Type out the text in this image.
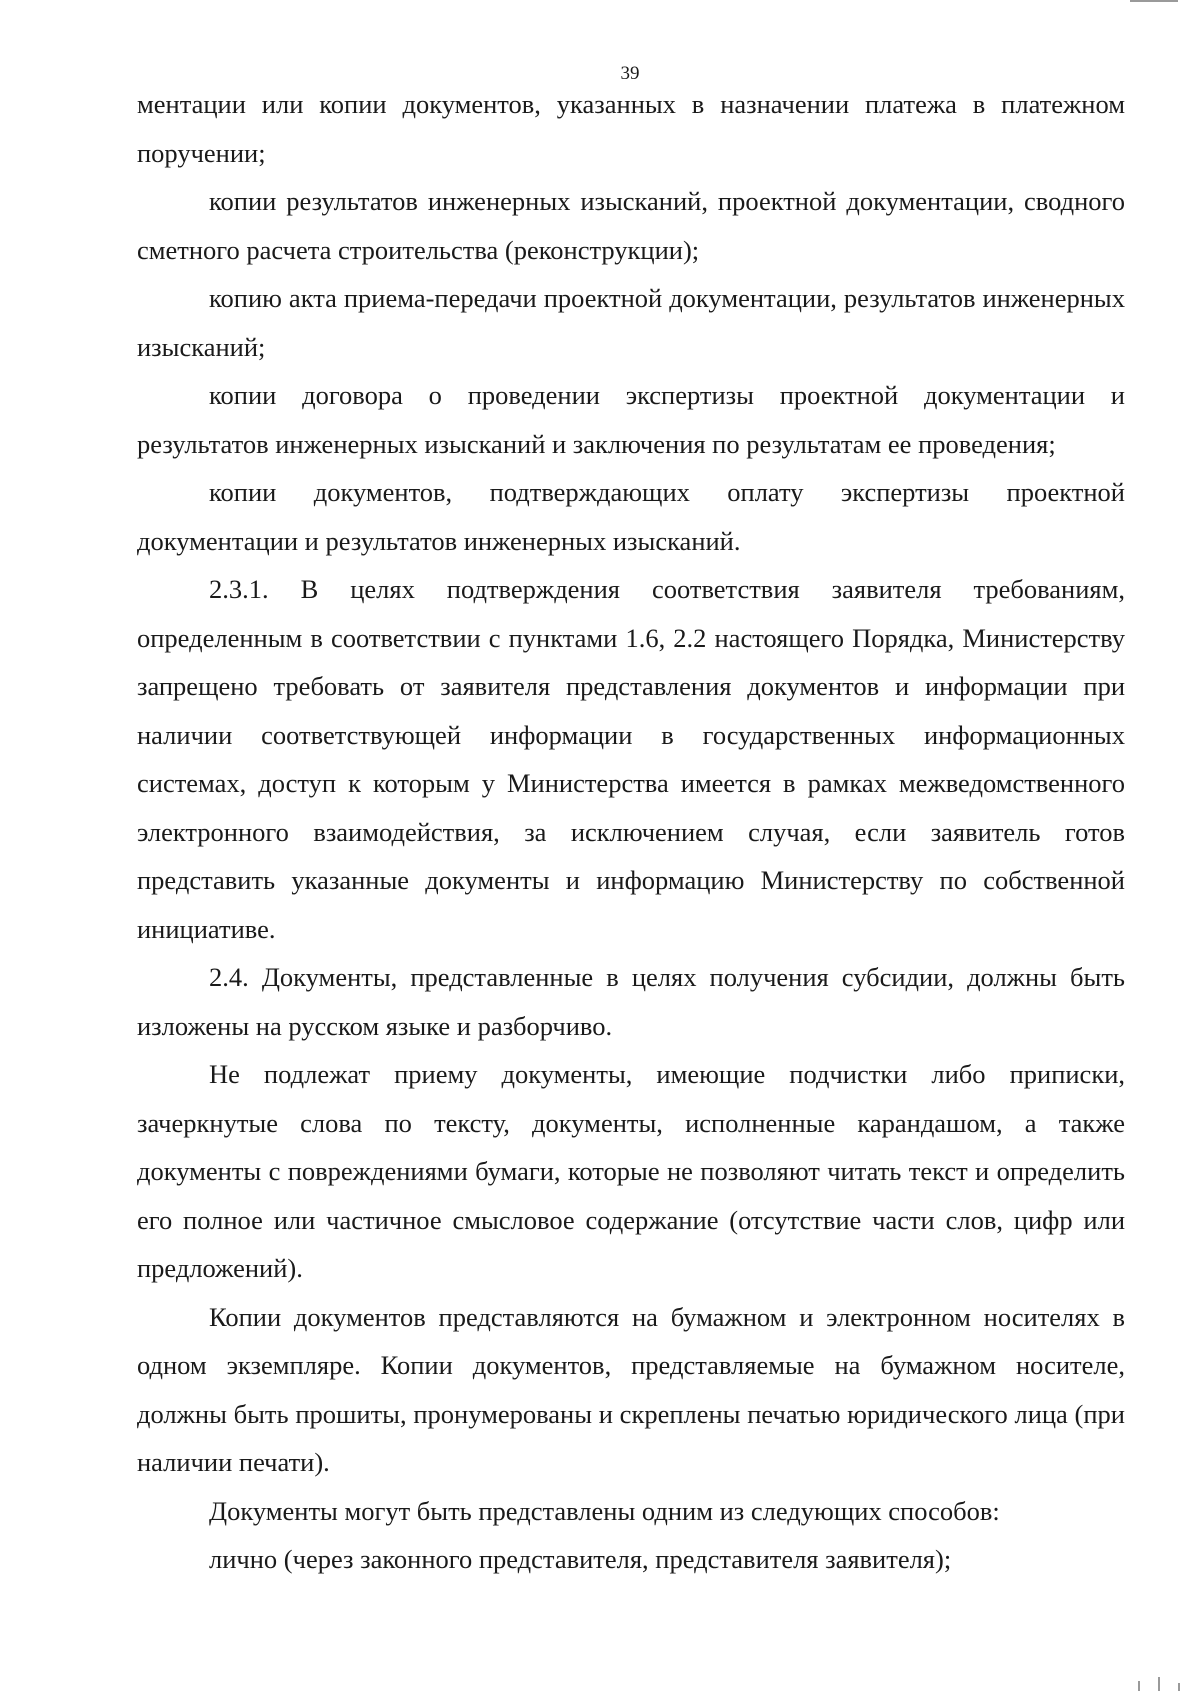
39

ментации или копии документов, указанных в назначении платежа в платежном поручении;

копии результатов инженерных изысканий, проектной документации, сводного сметного расчета строительства (реконструкции);

копию акта приема-передачи проектной документации, результатов инженерных изысканий;

копии договора о проведении экспертизы проектной документации и результатов инженерных изысканий и заключения по результатам ее проведения;

копии документов, подтверждающих оплату экспертизы проектной документации и результатов инженерных изысканий.

2.3.1. В целях подтверждения соответствия заявителя требованиям, определенным в соответствии с пунктами 1.6, 2.2 настоящего Порядка, Министерству запрещено требовать от заявителя представления документов и информации при наличии соответствующей информации в государственных информационных системах, доступ к которым у Министерства имеется в рамках межведомственного электронного взаимодействия, за исключением случая, если заявитель готов представить указанные документы и информацию Министерству по собственной инициативе.

2.4. Документы, представленные в целях получения субсидии, должны быть изложены на русском языке и разборчиво.

Не подлежат приему документы, имеющие подчистки либо приписки, зачеркнутые слова по тексту, документы, исполненные карандашом, а также документы с повреждениями бумаги, которые не позволяют читать текст и определить его полное или частичное смысловое содержание (отсутствие части слов, цифр или предложений).

Копии документов представляются на бумажном и электронном носителях в одном экземпляре. Копии документов, представляемые на бумажном носителе, должны быть прошиты, пронумерованы и скреплены печатью юридического лица (при наличии печати).

Документы могут быть представлены одним из следующих способов:

лично (через законного представителя, представителя заявителя);
